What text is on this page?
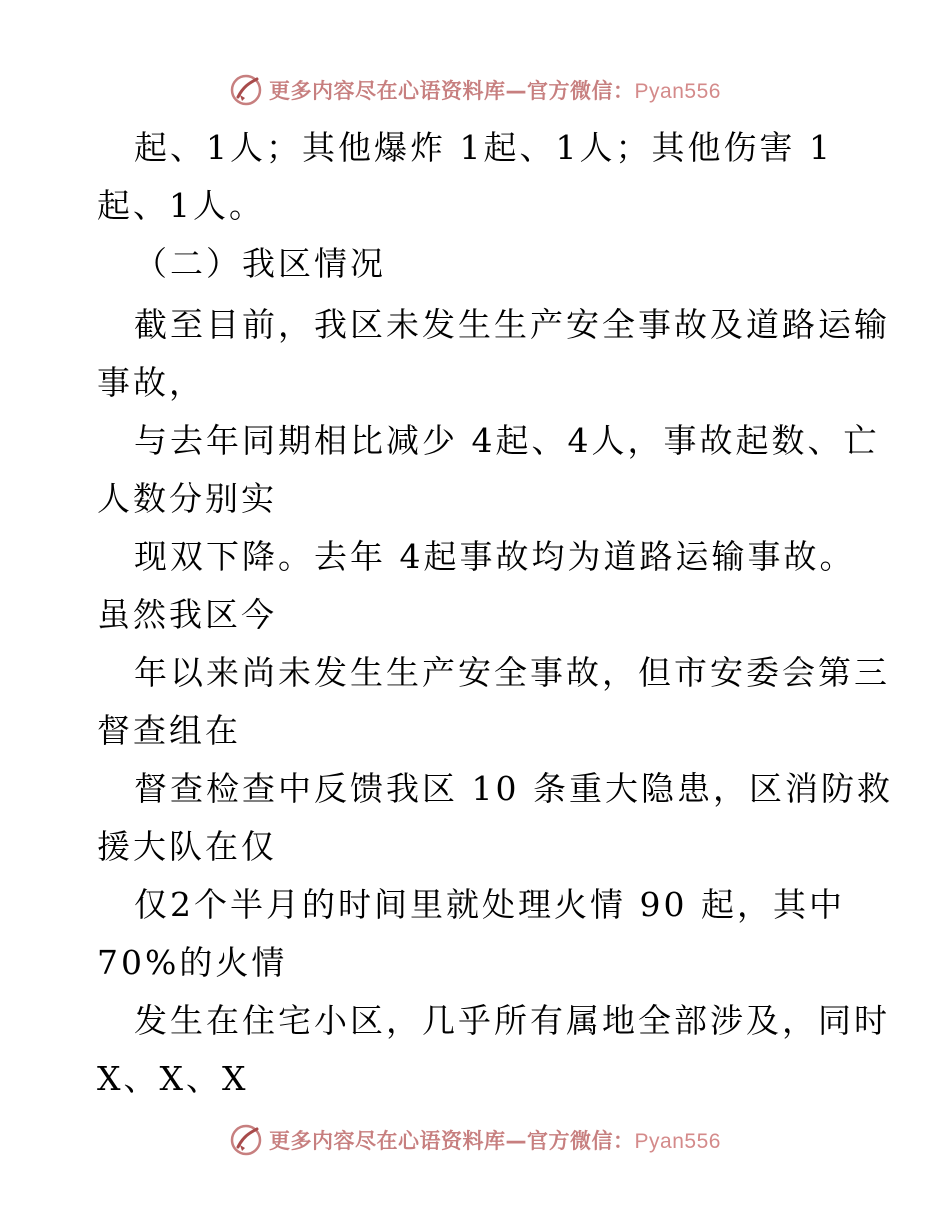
更多内容尽在心语资料库—官方微信：Pyan556
起、1人；其他爆炸 1起、1人；其他伤害 1
起、1人。
（二）我区情况
截至目前，我区未发生生产安全事故及道路运输
事故，
与去年同期相比减少 4起、4人，事故起数、亡
人数分别实
现双下降。去年 4起事故均为道路运输事故。
虽然我区今
年以来尚未发生生产安全事故，但市安委会第三
督查组在
督查检查中反馈我区 10 条重大隐患，区消防救
援大队在仅
仅2个半月的时间里就处理火情 90 起，其中
70%的火情
发生在住宅小区，几乎所有属地全部涉及，同时
X、X、X
更多内容尽在心语资料库—官方微信：Pyan556
